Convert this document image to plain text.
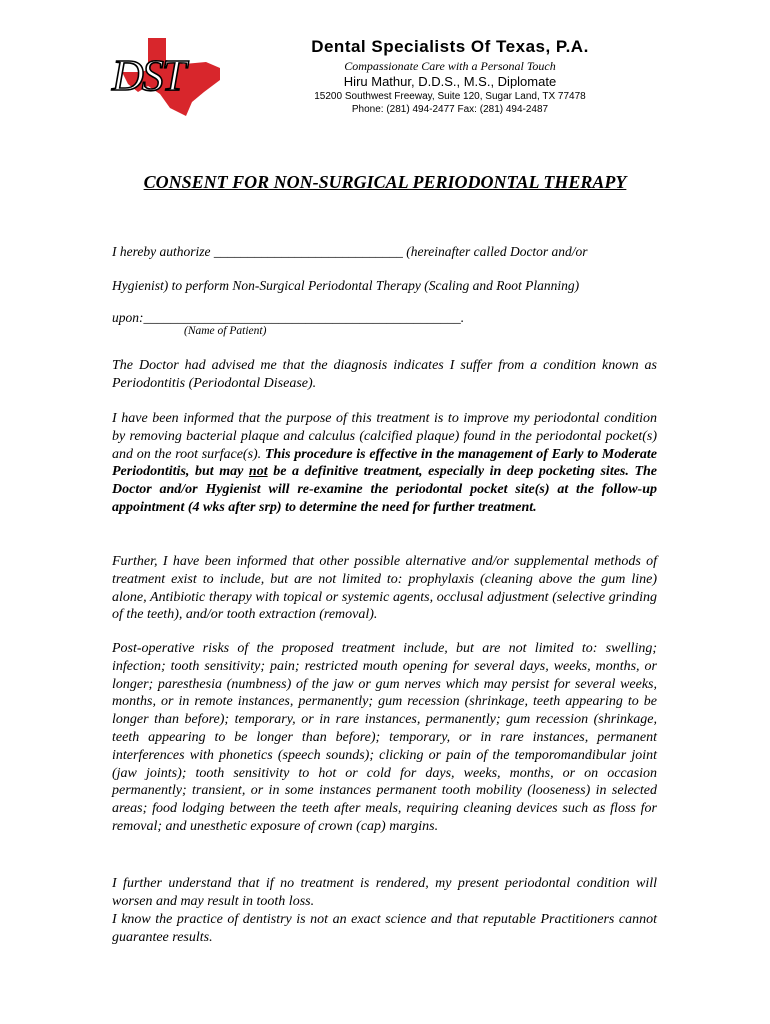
DST
Dental Specialists Of Texas, P.A.
Compassionate Care with a Personal Touch
Hiru Mathur, D.D.S., M.S., Diplomate
15200 Southwest Freeway, Suite 120, Sugar Land, TX 77478
Phone: (281) 494-2477 Fax: (281) 494-2487
CONSENT FOR NON-SURGICAL PERIODONTAL THERAPY
I hereby authorize ____________________________ (hereinafter called Doctor and/or
Hygienist) to perform Non-Surgical Periodontal Therapy (Scaling and Root Planning)
upon:_______________________________________________.
(Name of Patient)
The Doctor had advised me that the diagnosis indicates I suffer from a condition known as Periodontitis (Periodontal Disease).
I have been informed that the purpose of this treatment is to improve my periodontal condition by removing bacterial plaque and calculus (calcified plaque) found in the periodontal pocket(s) and on the root surface(s). This procedure is effective in the management of Early to Moderate Periodontitis, but may not be a definitive treatment, especially in deep pocketing sites. The Doctor and/or Hygienist will re-examine the periodontal pocket site(s) at the follow-up appointment (4 wks after srp) to determine the need for further treatment.
Further, I have been informed that other possible alternative and/or supplemental methods of treatment exist to include, but are not limited to: prophylaxis (cleaning above the gum line) alone, Antibiotic therapy with topical or systemic agents, occlusal adjustment (selective grinding of the teeth), and/or tooth extraction (removal).
Post-operative risks of the proposed treatment include, but are not limited to: swelling; infection; tooth sensitivity; pain; restricted mouth opening for several days, weeks, months, or longer; paresthesia (numbness) of the jaw or gum nerves which may persist for several weeks, months, or in remote instances, permanently; gum recession (shrinkage, teeth appearing to be longer than before); temporary, or in rare instances, permanently; gum recession (shrinkage, teeth appearing to be longer than before); temporary, or in rare instances, permanent interferences with phonetics (speech sounds); clicking or pain of the temporomandibular joint (jaw joints); tooth sensitivity to hot or cold for days, weeks, months, or on occasion permanently; transient, or in some instances permanent tooth mobility (looseness) in selected areas; food lodging between the teeth after meals, requiring cleaning devices such as floss for removal; and unesthetic exposure of crown (cap) margins.
I further understand that if no treatment is rendered, my present periodontal condition will worsen and may result in tooth loss.
I know the practice of dentistry is not an exact science and that reputable Practitioners cannot guarantee results.
